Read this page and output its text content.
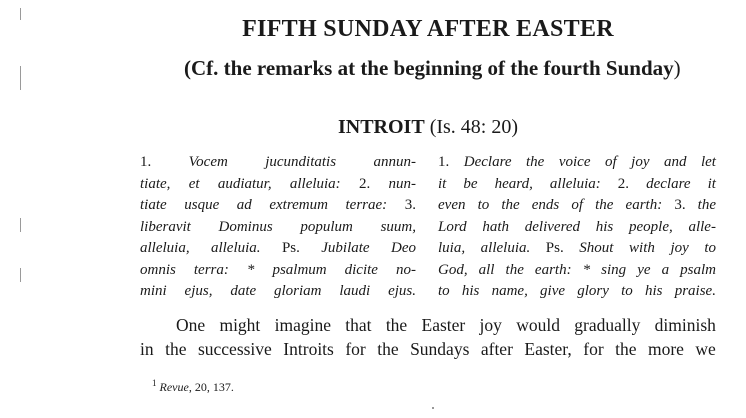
FIFTH SUNDAY AFTER EASTER
(Cf. the remarks at the beginning of the fourth Sunday)
INTROIT (Is. 48: 20)
1. Vocem jucunditatis annun-
tiate, et audiatur, alleluia: 2. nun-
tiate usque ad extremum terrae: 3.
liberavit Dominus populum suum,
alleluia, alleluia. Ps. Jubilate Deo
omnis terra: * psalmum dicite no-
mini ejus, date gloriam laudi ejus.
1. Declare the voice of joy and let
it be heard, alleluia: 2. declare it
even to the ends of the earth: 3. the
Lord hath delivered his people, alle-
luia, alleluia. Ps. Shout with joy to
God, all the earth: * sing ye a psalm
to his name, give glory to his praise.
One might imagine that the Easter joy would gradually diminish
in the successive Introits for the Sundays after Easter, for the more we
$^1$ Revue, 20, 137.
